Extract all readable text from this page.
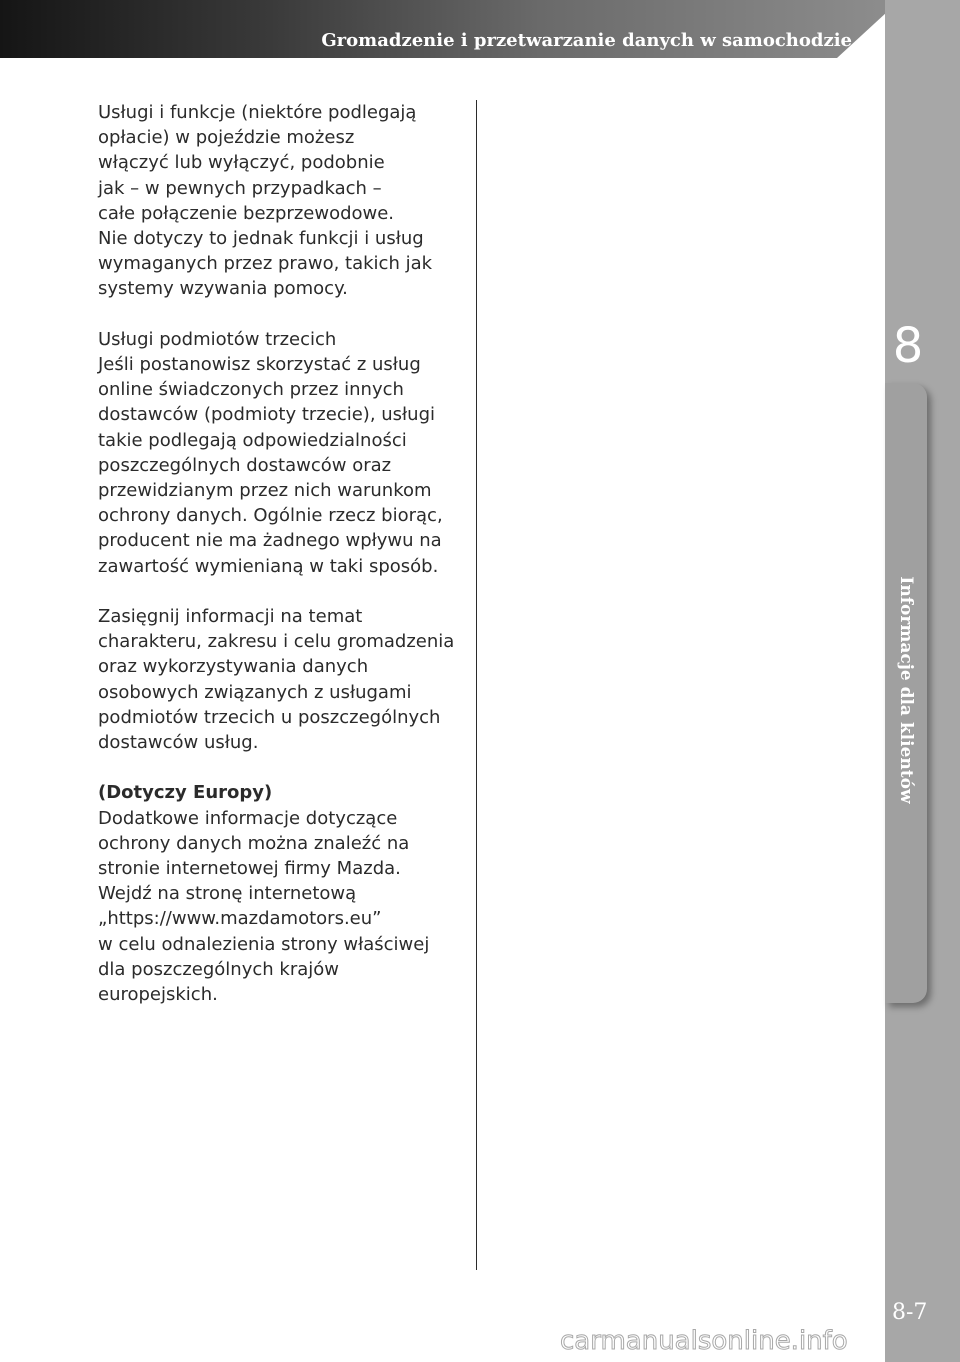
Gromadzenie i przetwarzanie danych w samochodzie
8
Informacje dla klientów
8-7
Usługi i funkcje (niektóre podlegają
opłacie) w pojeździe możesz
włączyć lub wyłączyć, podobnie
jak – w pewnych przypadkach –
całe połączenie bezprzewodowe.
Nie dotyczy to jednak funkcji i usług
wymaganych przez prawo, takich jak
systemy wzywania pomocy.
Usługi podmiotów trzecich
Jeśli postanowisz skorzystać z usług
online świadczonych przez innych
dostawców (podmioty trzecie), usługi
takie podlegają odpowiedzialności
poszczególnych dostawców oraz
przewidzianym przez nich warunkom
ochrony danych. Ogólnie rzecz biorąc,
producent nie ma żadnego wpływu na
zawartość wymienianą w taki sposób.
Zasięgnij informacji na temat
charakteru, zakresu i celu gromadzenia
oraz wykorzystywania danych
osobowych związanych z usługami
podmiotów trzecich u poszczególnych
dostawców usług.
(Dotyczy Europy)
Dodatkowe informacje dotyczące
ochrony danych można znaleźć na
stronie internetowej firmy Mazda.
Wejdź na stronę internetową
„https://www.mazdamotors.eu”
w celu odnalezienia strony właściwej
dla poszczególnych krajów
europejskich.
carmanualsonline.info
